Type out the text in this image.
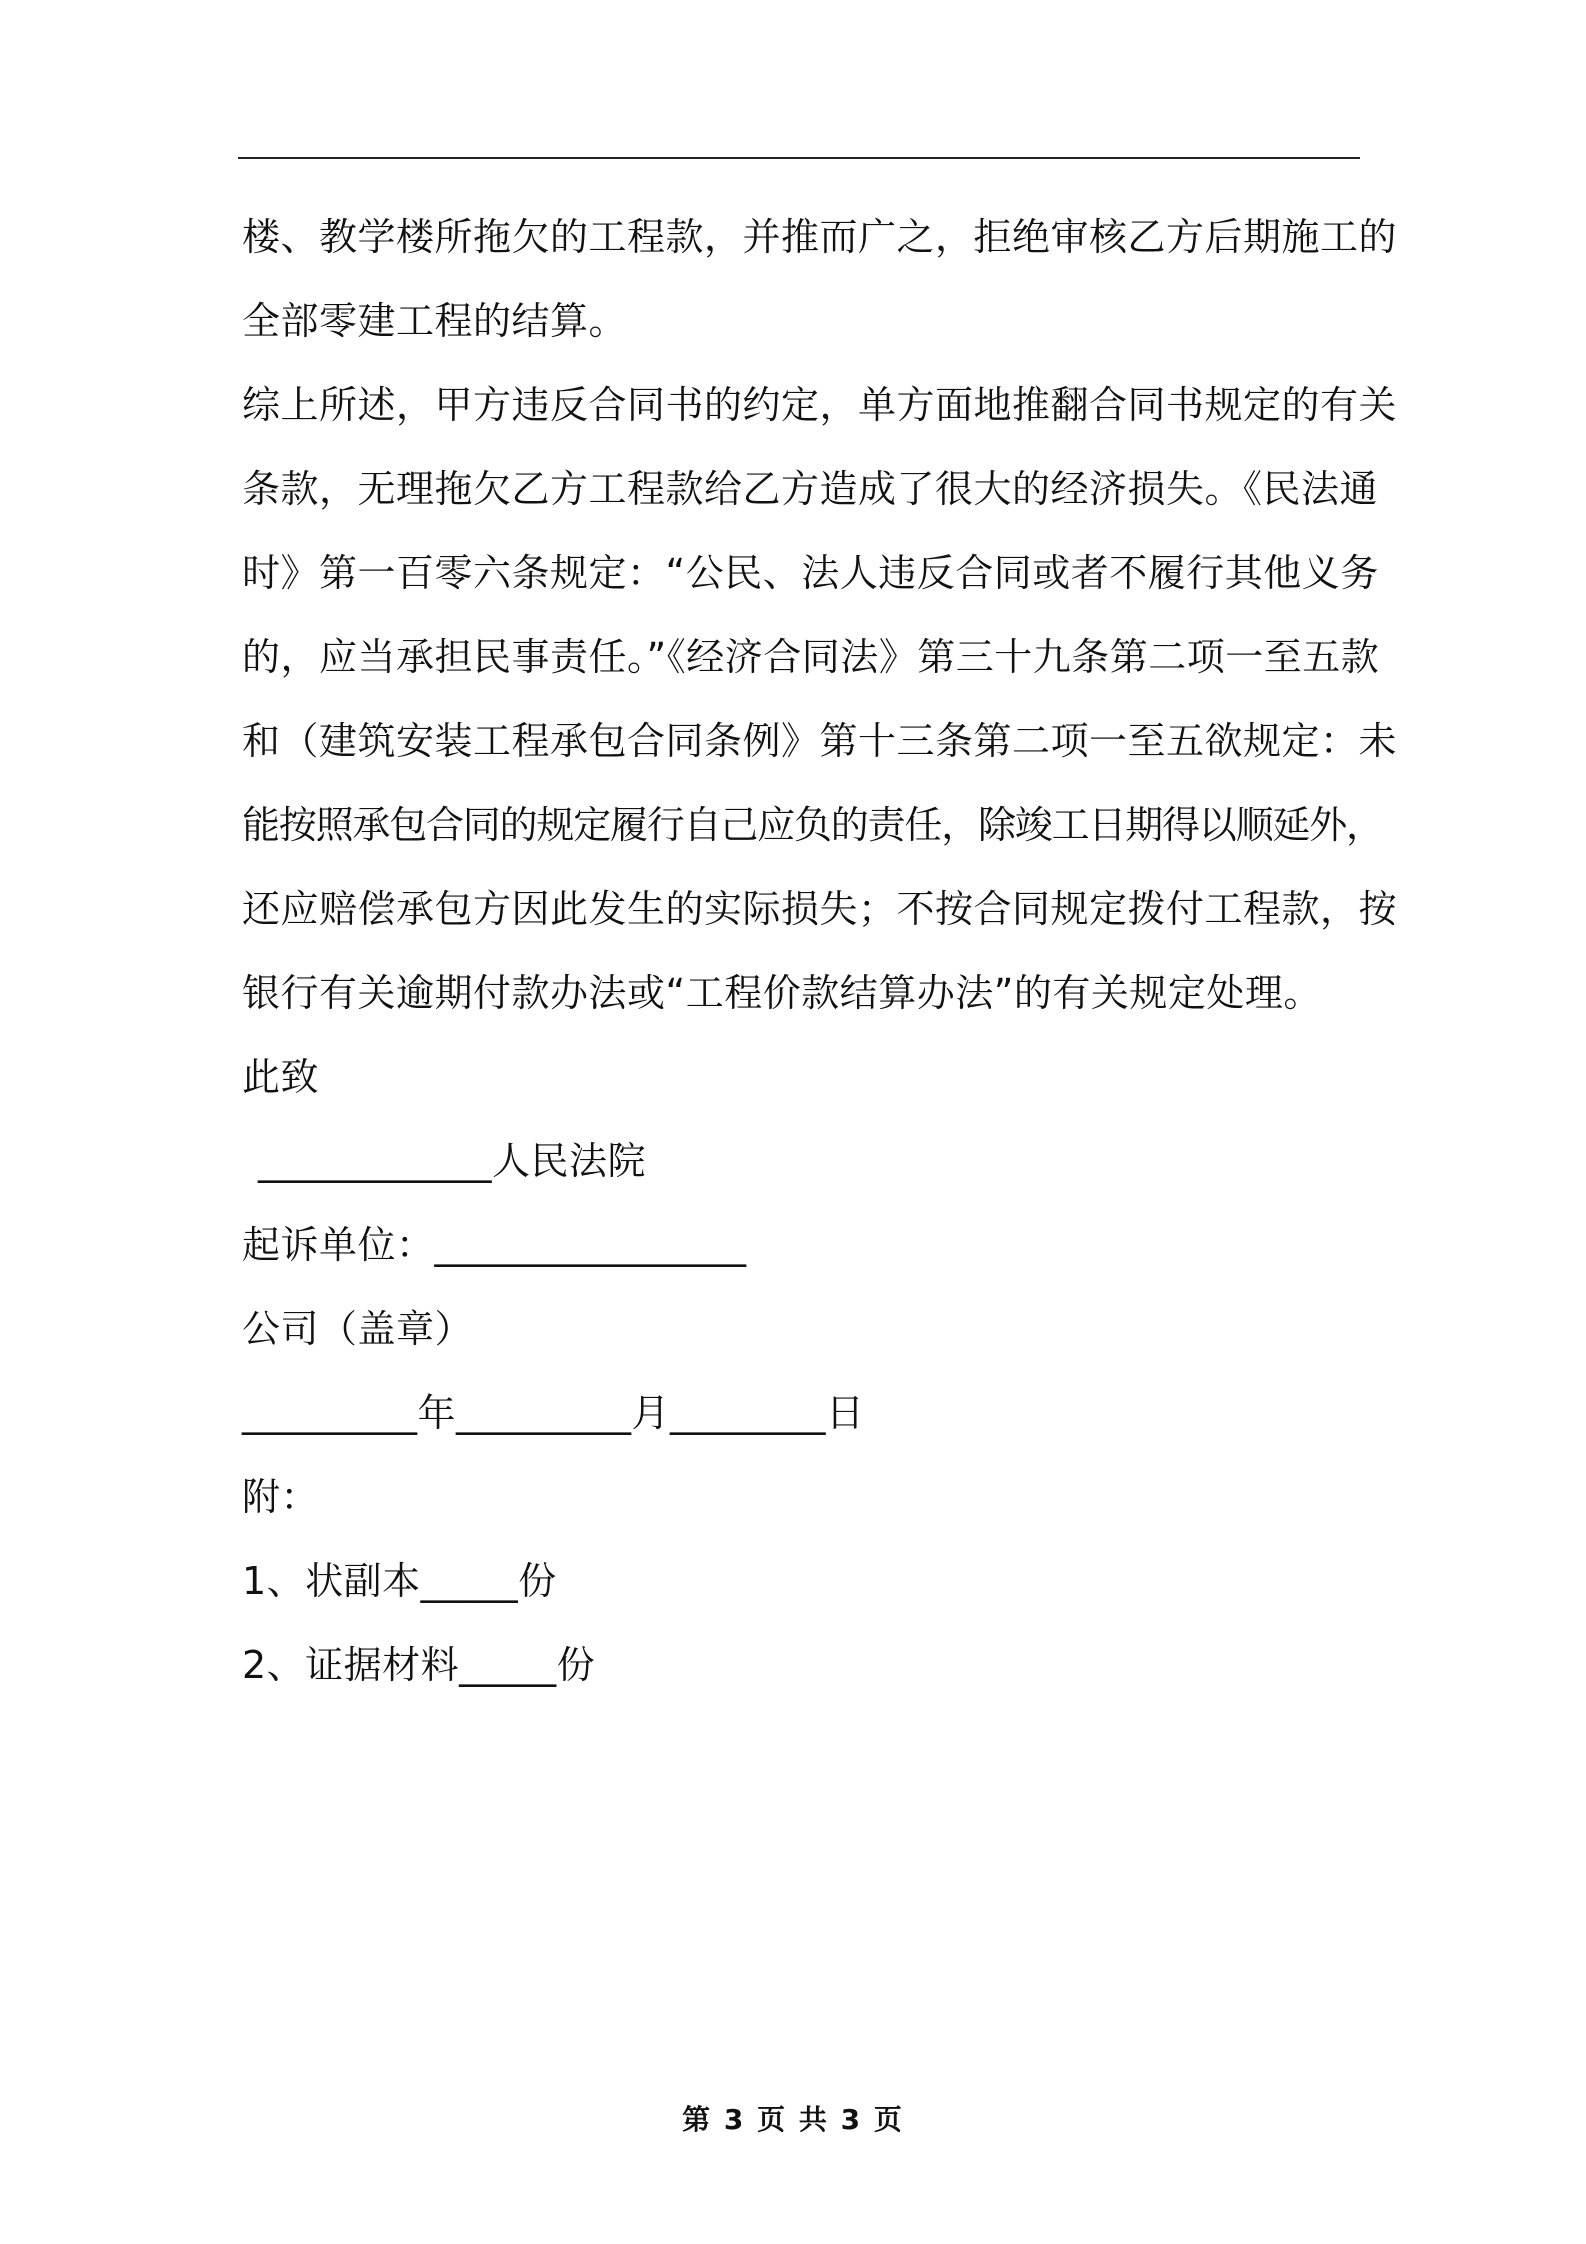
楼、教学楼所拖欠的工程款，并推而广之，拒绝审核乙方后期施工的
全部零建工程的结算。
综上所述，甲方违反合同书的约定，单方面地推翻合同书规定的有关
条款，无理拖欠乙方工程款给乙方造成了很大的经济损失。《民法通
时》第一百零六条规定：“公民、法人违反合同或者不履行其他义务
的，应当承担民事责任。”《经济合同法》第三十九条第二项一至五款
和（建筑安装工程承包合同条例》第十三条第二项一至五欲规定：未
能按照承包合同的规定履行自己应负的责任，除竣工日期得以顺延外，
还应赔偿承包方因此发生的实际损失；不按合同规定拨付工程款，按
银行有关逾期付款办法或“工程价款结算办法”的有关规定处理。
此致
____________人民法院
起诉单位：________________
公司（盖章）
_________年_________月________日
附：
1、状副本_____份
2、证据材料_____份
第 3 页 共 3 页
